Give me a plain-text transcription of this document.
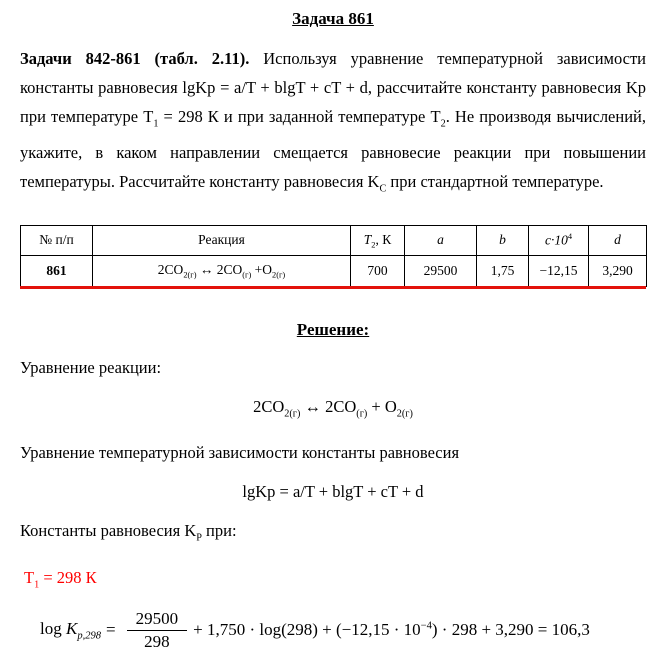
Задача 861
Задачи 842-861 (табл. 2.11). Используя уравнение температурной зависимости константы равновесия lgKp = a/T + blgT + cT + d, рассчитайте константу равновесия Kр при температуре $T_1 = 298$ К и при заданной температуре $T_2$. Не производя вычислений, укажите, в каком направлении смещается равновесие реакции при повышении температуры. Рассчитайте константу равновесия $K_С$ при стандартной температуре.
№ п/п	Реакция	$T_2$, К	a	b	$c\cdot 10^4$	d
861	$2CO_{2(г)}$ ↔ $2CO_{(г)} +O_{2(г)}$	700	29500	1,75	−12,15	3,290
Решение:
Уравнение реакции:
$2CO_{2(г)}$ ↔ $2CO_{(г)} + O_{2(г)}$
Уравнение температурной зависимости константы равновесия
lgKp = a/T + blgT + cT + d
Константы равновесия $K_Р$ при:
$T_1 = 298$ К
$\log K_{p,298} = \frac{29500}{298} + 1,750 \cdot \log(298) + (-12,15 \cdot 10^{-4}) \cdot 298 + 3,290 = 106,3$
